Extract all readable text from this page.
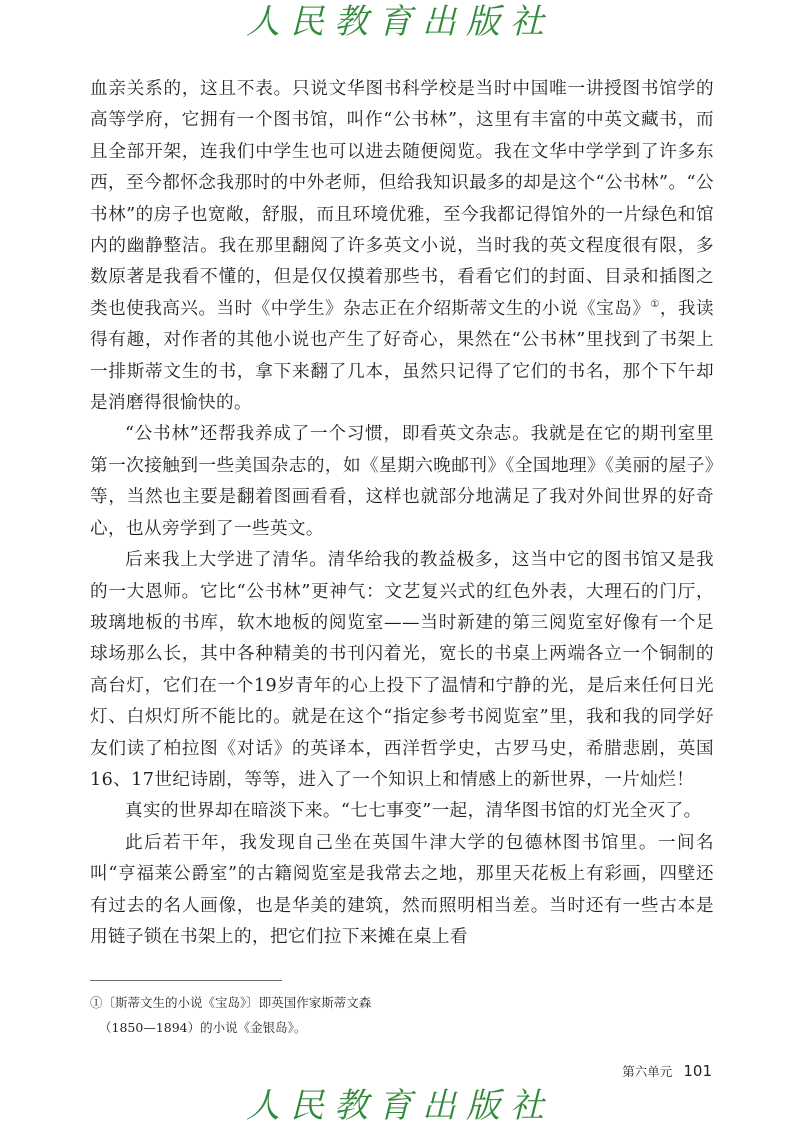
人民教育出版社

血亲关系的，这且不表。只说文华图书科学校是当时中国唯一讲授图书馆学的高等学府，它拥有一个图书馆，叫作“公书林”，这里有丰富的中英文藏书，而且全部开架，连我们中学生也可以进去随便阅览。我在文华中学学到了许多东西，至今都怀念我那时的中外老师，但给我知识最多的却是这个“公书林”。“公书林”的房子也宽敞，舒服，而且环境优雅，至今我都记得馆外的一片绿色和馆内的幽静整洁。我在那里翻阅了许多英文小说，当时我的英文程度很有限，多数原著是我看不懂的，但是仅仅摸着那些书，看看它们的封面、目录和插图之类也使我高兴。当时《中学生》杂志正在介绍斯蒂文生的小说《宝岛》①，我读得有趣，对作者的其他小说也产生了好奇心，果然在“公书林”里找到了书架上一排斯蒂文生的书，拿下来翻了几本，虽然只记得了它们的书名，那个下午却是消磨得很愉快的。

“公书林”还帮我养成了一个习惯，即看英文杂志。我就是在它的期刊室里第一次接触到一些美国杂志的，如《星期六晚邮刊》《全国地理》《美丽的屋子》等，当然也主要是翻着图画看看，这样也就部分地满足了我对外间世界的好奇心，也从旁学到了一些英文。

后来我上大学进了清华。清华给我的教益极多，这当中它的图书馆又是我的一大恩师。它比“公书林”更神气：文艺复兴式的红色外表，大理石的门厅，玻璃地板的书库，软木地板的阅览室——当时新建的第三阅览室好像有一个足球场那么长，其中各种精美的书刊闪着光，宽长的书桌上两端各立一个铜制的高台灯，它们在一个19岁青年的心上投下了温情和宁静的光，是后来任何日光灯、白炽灯所不能比的。就是在这个“指定参考书阅览室”里，我和我的同学好友们读了柏拉图《对话》的英译本，西洋哲学史，古罗马史，希腊悲剧，英国16、17世纪诗剧，等等，进入了一个知识上和情感上的新世界，一片灿烂！

真实的世界却在暗淡下来。“七七事变”一起，清华图书馆的灯光全灭了。

此后若干年，我发现自己坐在英国牛津大学的包德林图书馆里。一间名叫“亨福莱公爵室”的古籍阅览室是我常去之地，那里天花板上有彩画，四壁还有过去的名人画像，也是华美的建筑，然而照明相当差。当时还有一些古本是用链子锁在书架上的，把它们拉下来摊在桌上看

①〔斯蒂文生的小说《宝岛》〕即英国作家斯蒂文森
（1850—1894）的小说《金银岛》。
第六单元 101
人民教育出版社
